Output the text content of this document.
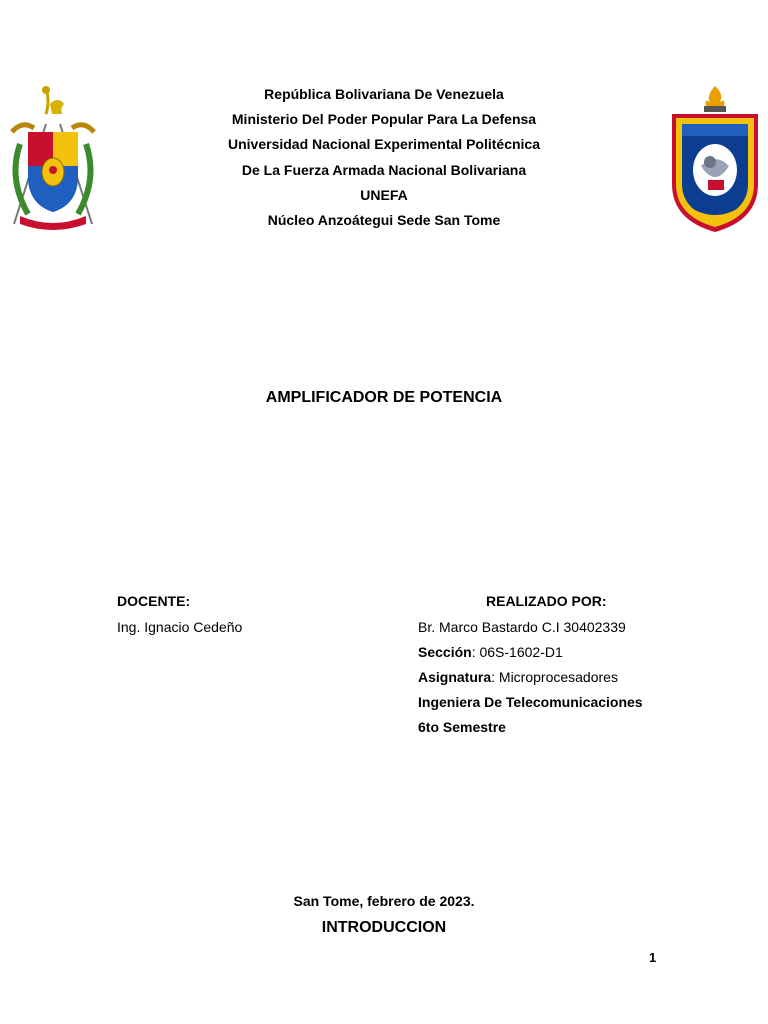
República Bolivariana De Venezuela
Ministerio Del Poder Popular Para La Defensa
Universidad Nacional Experimental Politécnica
De La Fuerza Armada Nacional Bolivariana
UNEFA
Núcleo Anzoátegui Sede San Tome
AMPLIFICADOR DE POTENCIA
DOCENTE:
Ing. Ignacio Cedeño
REALIZADO POR:
Br. Marco Bastardo C.I 30402339
Sección: 06S-1602-D1
Asignatura: Microprocesadores
Ingeniera De Telecomunicaciones
6to Semestre
San Tome, febrero de 2023.
INTRODUCCION
1
